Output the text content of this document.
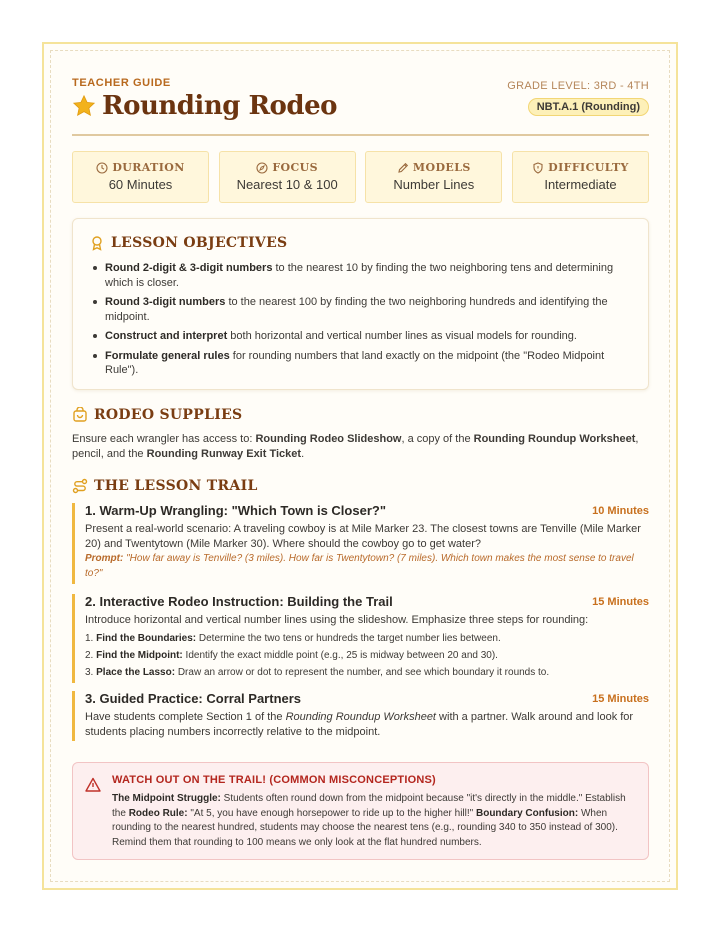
TEACHER GUIDE
Rounding Rodeo
GRADE LEVEL: 3RD - 4TH
NBT.A.1 (Rounding)
DURATION
60 Minutes
FOCUS
Nearest 10 & 100
MODELS
Number Lines
DIFFICULTY
Intermediate
LESSON OBJECTIVES
Round 2-digit & 3-digit numbers to the nearest 10 by finding the two neighboring tens and determining which is closer.
Round 3-digit numbers to the nearest 100 by finding the two neighboring hundreds and identifying the midpoint.
Construct and interpret both horizontal and vertical number lines as visual models for rounding.
Formulate general rules for rounding numbers that land exactly on the midpoint (the "Rodeo Midpoint Rule").
RODEO SUPPLIES
Ensure each wrangler has access to: Rounding Rodeo Slideshow, a copy of the Rounding Roundup Worksheet, pencil, and the Rounding Runway Exit Ticket.
THE LESSON TRAIL
1. Warm-Up Wrangling: "Which Town is Closer?"	10 Minutes
Present a real-world scenario: A traveling cowboy is at Mile Marker 23. The closest towns are Tenville (Mile Marker 20) and Twentytown (Mile Marker 30). Where should the cowboy go to get water?
Prompt: "How far away is Tenville? (3 miles). How far is Twentytown? (7 miles). Which town makes the most sense to travel to?"
2. Interactive Rodeo Instruction: Building the Trail	15 Minutes
Introduce horizontal and vertical number lines using the slideshow. Emphasize three steps for rounding:
1. Find the Boundaries: Determine the two tens or hundreds the target number lies between.
2. Find the Midpoint: Identify the exact middle point (e.g., 25 is midway between 20 and 30).
3. Place the Lasso: Draw an arrow or dot to represent the number, and see which boundary it rounds to.
3. Guided Practice: Corral Partners	15 Minutes
Have students complete Section 1 of the Rounding Roundup Worksheet with a partner. Walk around and look for students placing numbers incorrectly relative to the midpoint.
WATCH OUT ON THE TRAIL! (COMMON MISCONCEPTIONS)
The Midpoint Struggle: Students often round down from the midpoint because "it's directly in the middle." Establish the Rodeo Rule: "At 5, you have enough horsepower to ride up to the higher hill!" Boundary Confusion: When rounding to the nearest hundred, students may choose the nearest tens (e.g., rounding 340 to 350 instead of 300). Remind them that rounding to 100 means we only look at the flat hundred numbers.
